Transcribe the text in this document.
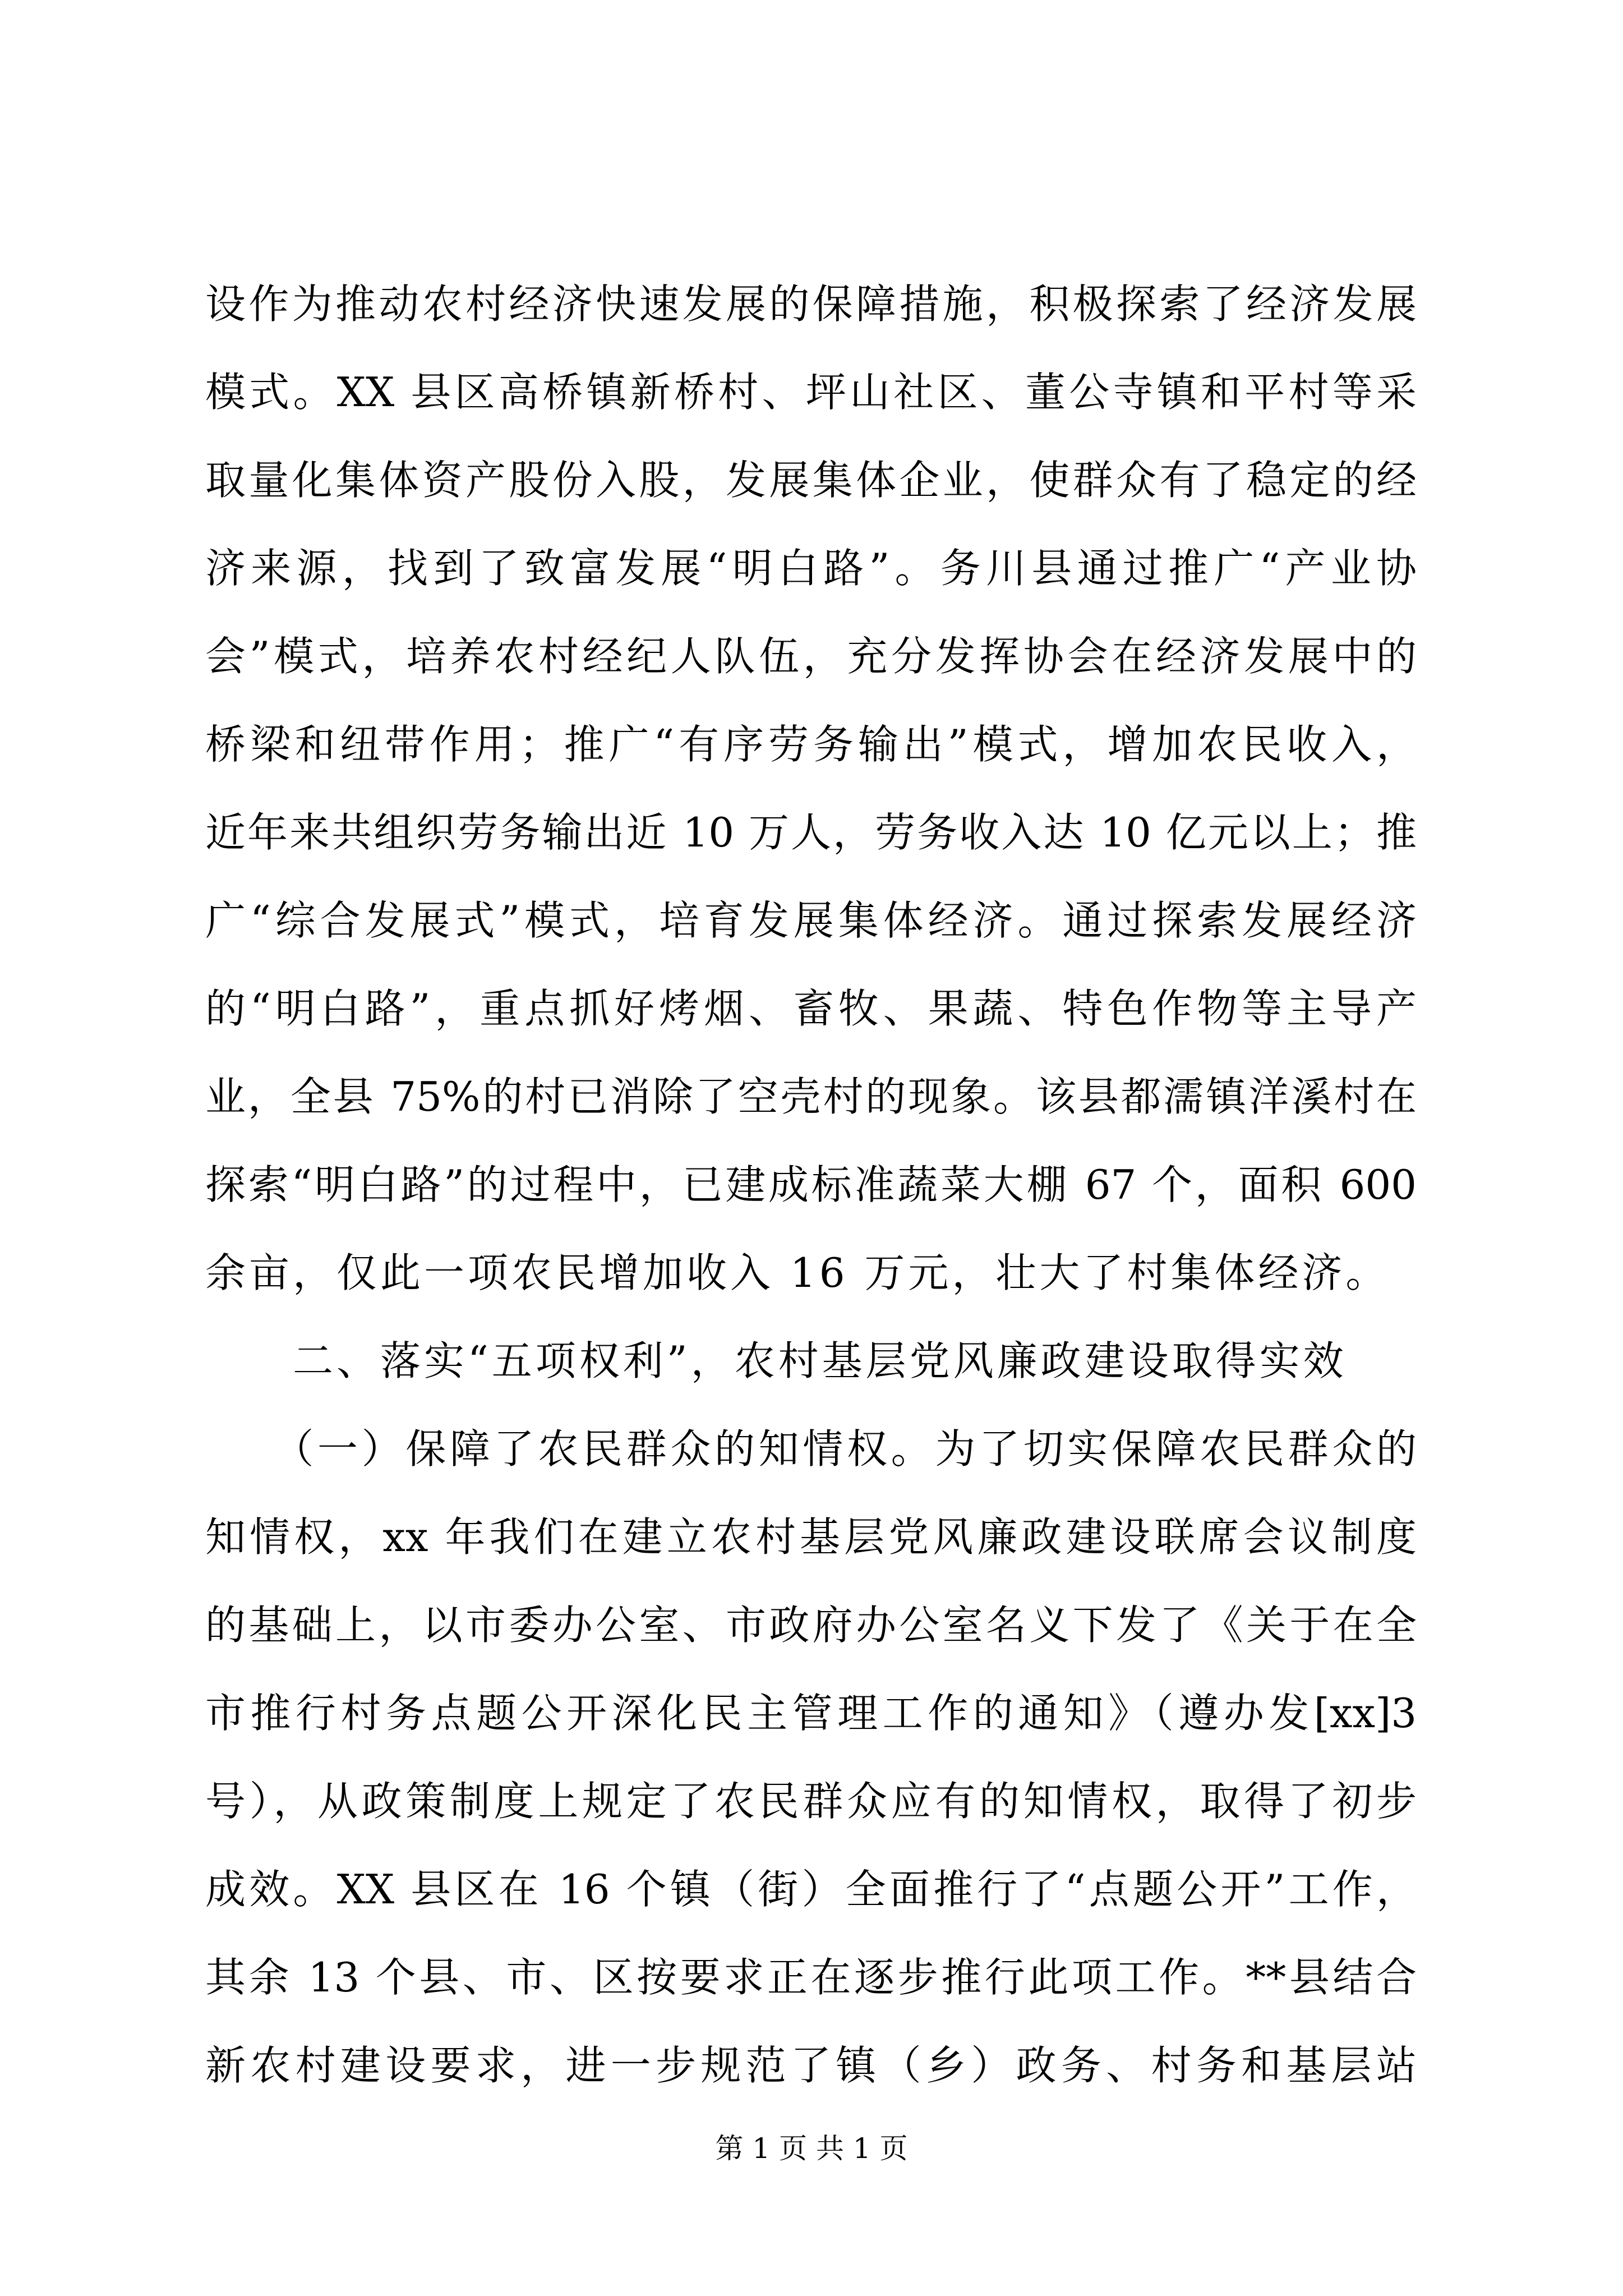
设作为推动农村经济快速发展的保障措施，积极探索了经济发展
模式。XX 县区高桥镇新桥村、坪山社区、董公寺镇和平村等采
取量化集体资产股份入股，发展集体企业，使群众有了稳定的经
济来源，找到了致富发展“明白路”。务川县通过推广“产业协
会”模式，培养农村经纪人队伍，充分发挥协会在经济发展中的
桥梁和纽带作用；推广“有序劳务输出”模式，增加农民收入，
近年来共组织劳务输出近 10 万人，劳务收入达 10 亿元以上；推
广“综合发展式”模式，培育发展集体经济。通过探索发展经济
的“明白路”，重点抓好烤烟、畜牧、果蔬、特色作物等主导产
业，全县 75%的村已消除了空壳村的现象。该县都濡镇洋溪村在
探索“明白路”的过程中，已建成标准蔬菜大棚 67 个，面积 600
余亩，仅此一项农民增加收入 16 万元，壮大了村集体经济。
　　二、落实“五项权利”，农村基层党风廉政建设取得实效
　　（一）保障了农民群众的知情权。为了切实保障农民群众的
知情权，xx 年我们在建立农村基层党风廉政建设联席会议制度
的基础上，以市委办公室、市政府办公室名义下发了《关于在全
市推行村务点题公开深化民主管理工作的通知》（遵办发[xx]3
号），从政策制度上规定了农民群众应有的知情权，取得了初步
成效。XX 县区在 16 个镇（街）全面推行了“点题公开”工作，
其余 13 个县、市、区按要求正在逐步推行此项工作。**县结合
新农村建设要求，进一步规范了镇（乡）政务、村务和基层站
第 1 页 共 1 页
